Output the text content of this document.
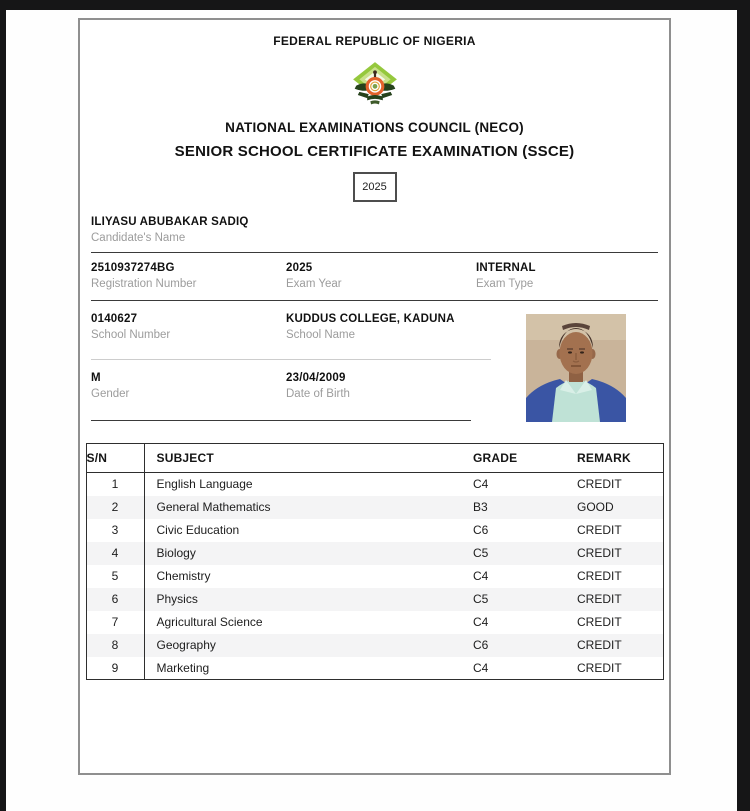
FEDERAL REPUBLIC OF NIGERIA
NATIONAL EXAMINATIONS COUNCIL (NECO)
SENIOR SCHOOL CERTIFICATE EXAMINATION (SSCE)
2025
ILIYASU ABUBAKAR SADIQ
Candidate's Name
2510937274BG
Registration Number
2025
Exam Year
INTERNAL
Exam Type
0140627
School Number
KUDDUS COLLEGE, KADUNA
School Name
M
Gender
23/04/2009
Date of Birth
S/N	SUBJECT	GRADE	REMARK
1	English Language	C4	CREDIT
2	General Mathematics	B3	GOOD
3	Civic Education	C6	CREDIT
4	Biology	C5	CREDIT
5	Chemistry	C4	CREDIT
6	Physics	C5	CREDIT
7	Agricultural Science	C4	CREDIT
8	Geography	C6	CREDIT
9	Marketing	C4	CREDIT
